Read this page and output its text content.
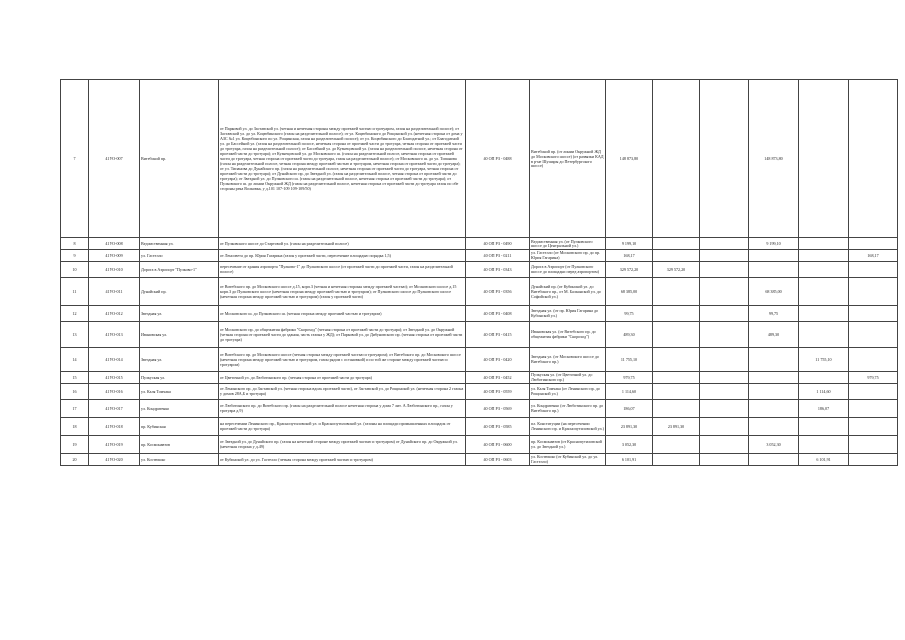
7	41УО-007	Витебский пр.	от Парковой ул. до Заставской ул. (четная и нечетная стороны между проезжей частью и тротуаром, газон на разделительной полосе); от Заставской ул. до ул. Коцюбинского (газон на разделительной полосе); от ул. Коцюбинского до Рощинской ул. (нечетная сторона от дома у АЗС №1 ул. Коцюбинского по ул. Рощинская, газон на разделительной полосе); от ул. Коцюбинского до Благодатной ул.; от Благодатной ул. до Бассейной ул. (газон на разделительной полосе, нечетная сторона от проезжей части до тротуара, четная сторона от проезжей части до тротуара, газон на разделительной полосе); от Бассейной ул. до Кузнецовской ул. (газон на разделительной полосе, нечетная сторона от проезжей части до тротуара); от Кузнецовской ул. до Московского ш. (газон на разделительной полосе, нечетная сторона от проезжей части до тротуара, четная сторона от проезжей части до тротуара, газон на разделительной полосе); от Московского ш. до ул. Типанова (газон на разделительной полосе, четная сторона между проезжей частью и тротуаром, нечетная сторона от проезжей части до тротуара); от ул. Типанова до Дунайского пр. (газон на разделительной полосе, нечетная сторона от проезжей части до тротуара, четная сторона от проезжей части до тротуара); от Дунайского пр. до Звездной ул. (газон на разделительной полосе, четная сторона от проезжей части до тротуара); от Звездной ул. до Пулковского ш. (газон на разделительной полосе, нечетная сторона от проезжей части до тротуара); от Пулковского ш. до линии Окружной ЖД (газон на разделительной полосе, нечетная сторона от проезжей части до тротуара газон по обе стороны река Волковка, у д.101 107-109 109-109/50)	40 ОП РЗ - 0488	Витебский пр. (от линии Окружной ЖД до Московского шоссе) (от развязки КАД в р-не Шушары до Петербургского шоссе)	148 873,80			148 873,80		
8	41УО-008	Ведомственная ул.	от Пулковского шоссе до Стартовой ул. (газон на разделительной полосе)	40 ОП РЗ - 0490	Ведомственная ул. (от Пулковского шоссе до Центральной ул.)	9 199,10			9 199,10		
9	41УО-009	ул. Гастелло	от Ленсовета до пр. Юрия Гагарина (газон у проезжей части, пересечение площадью порядка 1,5)	40 ОП РЗ - 0211	ул. Гастелло (от Московского пр. до пр. Юрия Гагарина)	168,17					168,17
10	41УО-010	Дорога в Аэропорт "Пулково-1"	пересечение от здания аэропорта "Пулково-1" до Пулковского шоссе (от проезжей части до проезжей части, газон на разделительной полосе)	40 ОП РЗ - 0343	Дорога в Аэропорт (от Пулковского шоссе до площадки перед аэропортом)	329 572,20	329 572,20				
11	41УО-011	Дунайский пр.	от Витебского пр. до Московского шоссе д.15, корп.3 (четная и нечетная стороны между проезжей частью); от Московского шоссе д.15 корп.3 до Пулковского шоссе (нечетная сторона между проезжей частью и тротуаром); от Пулковского шоссе до Пулковского шоссе (нечетная сторона между проезжей частью и тротуаром) (газон у проезжей части)	40 ОП РЗ - 0356	Дунайский пр. (от Кубинской ул. до Витебского пр., от М. Балканской ул. до Софийской ул.)	68 385,00			68 385,00		
12	41УО-012	Звездная ул.	от Московского ш. до Пулковского ш. (четная сторона между проезжей частью и тротуаром)	40 ОП РЗ - 0408	Звездная ул. (от пр. Юрия Гагарина до Кубинской ул.)	99,75			99,75		
13	41УО-013	Ивановская ул.	от Московского пр. до общежития фабрики "Скороход" (четная сторона от проезжей части до тротуара); от Звездной ул. до Окружной (четная сторона от проезжей части до здания, часть газона у ЖД); от Парковой ул. до Дибуновского пр. (четная сторона от проезжей части до тротуара)	40 ОП РЗ - 0415	Ивановская ул. (от Витебского пр. до общежития фабрики "Скороход")	489,30			489,30		
14	41УО-014	Звездная ул.	от Витебского пр. до Московского шоссе (четная сторона между проезжей частью и тротуаром); от Витебского пр. до Московского шоссе (нечетная сторона между проезжей частью и тротуаром, газон рядом с остановкой) и по той же стороне между проезжей частью и тротуаром)	40 ОП РЗ - 0420	Звездная ул. (от Московского шоссе до Витебского пр.)	11 755,10				11 755,10	
15	41УО-015	Пулкуская ул.	от Цветочной ул. до Люботинского пр. (четная сторона от проезжей части до тротуара)	40 ОП РЗ - 0452	Пулкуская ул. (от Цветочной ул. до Люботинского пр.)	979,75					979,75
16	41УО-016	ул. Каля Томчака	от Ленинского пр. до Заставской ул. (четная сторона вдоль проезжей части), от Заставской ул. до Рощинской ул. (нечетная сторона 2 газона у домов 28А,Б и тротуара)	40 ОП РЗ - 0559	ул. Каля Томчака (от Ленинского пр. до Рощинской ул.)	1 114,60				1 114,60	
17	41УО-017	ул. Кондратенко	от Люботинского пр. до Витебского пр. (газон на разделительной полосе нечетная сторона у дома 7 лит. А Люботинского пр., газон у тротуара д.9)	40 ОП РЗ - 0569	ул. Кондратенко (от Люботинского пр. до Витебского пр.)	186,07				186,07	
18	41УО-018	пр. Кубинская	на пересечении Ленинского пр., Краснопутиловской ул. и Краснопутиловской ул. (газоны на площади промышленных площадок от проезжей части до тротуара)	40 ОП РЗ - 0585	пл. Конституции (на пересечении Ленинского пр. и Краснопутиловской ул.)	23 891,30	23 891,30				
19	41УО-019	пр. Космонавтов	от Звездной ул. до Дунайского пр. (газон на нечетной стороне между проезжей частью и тротуаром) от Дунайского пр. до Окружной ул. (нечетная сторона у д.49)	40 ОП РЗ - 0600	пр. Космонавтов (от Краснопутиловской ул. до Звездной ул.)	3 052,30			3 052,30		
20	41УО-020	ул. Костюшко	от Кубинской ул. до ул. Гастелло (четная сторона между проезжей частью и тротуаром)	40 ОП РЗ - 0603	ул. Костюшко (от Кубинской ул. до ул. Гастелло)	6 101,91				6 101,91	
